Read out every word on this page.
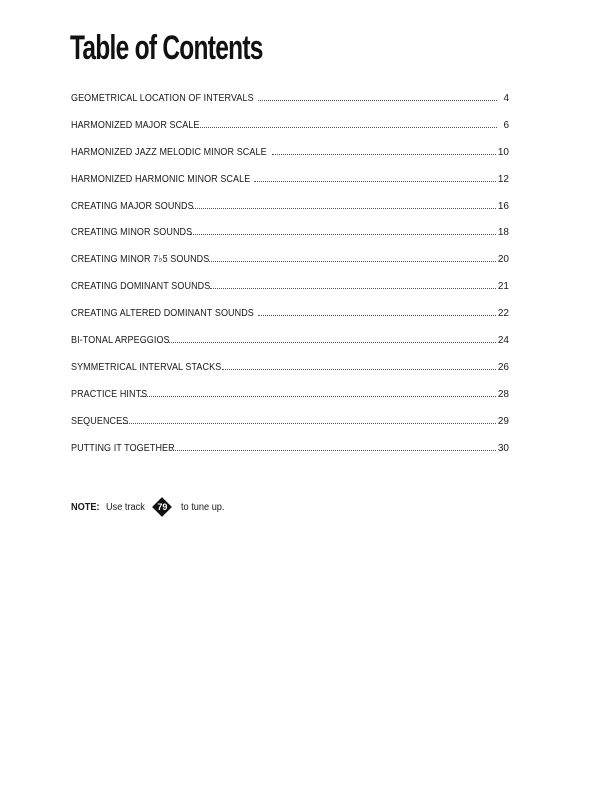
Table of Contents
GEOMETRICAL LOCATION OF INTERVALS	4
HARMONIZED MAJOR SCALE	6
HARMONIZED JAZZ MELODIC MINOR SCALE	10
HARMONIZED HARMONIC MINOR SCALE	12
CREATING MAJOR SOUNDS	16
CREATING MINOR SOUNDS	18
CREATING MINOR 7♭5 SOUNDS	20
CREATING DOMINANT SOUNDS	21
CREATING ALTERED DOMINANT SOUNDS	22
BI-TONAL ARPEGGIOS	24
SYMMETRICAL INTERVAL STACKS	26
PRACTICE HINTS	28
SEQUENCES	29
PUTTING IT TOGETHER	30
NOTE: Use track	79	to tune up.
